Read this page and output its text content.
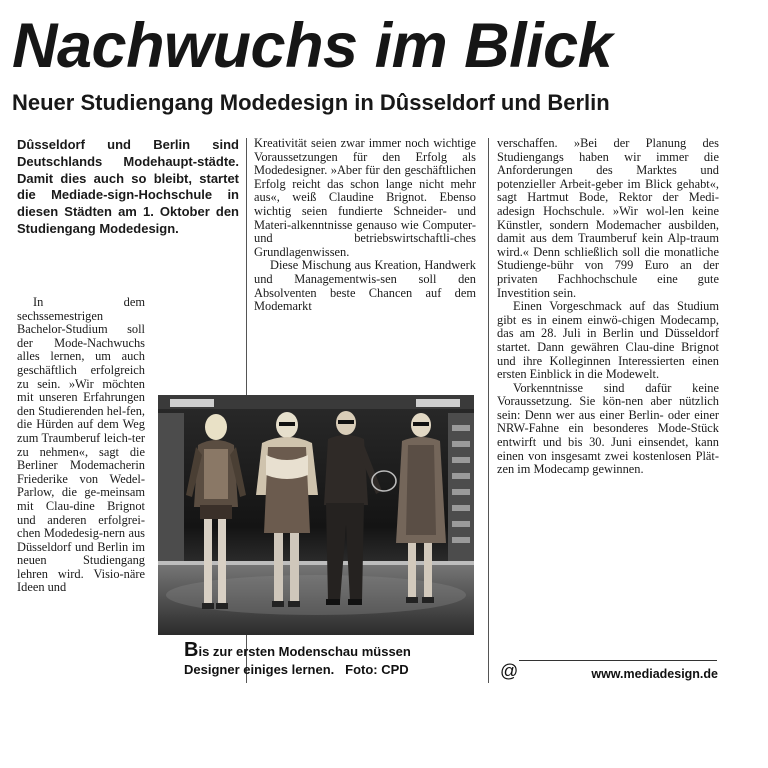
Nachwuchs im Blick
Neuer Studiengang Modedesign in Dûsseldorf und Berlin

Dûsseldorf und Berlin sind Deutschlands Modehaupt-städte. Damit dies auch so bleibt, startet die Mediade-sign-Hochschule in diesen Städten am 1. Oktober den Studiengang Modedesign.

In dem sechssemestrigen Bachelor-Studium soll der Mode-Nachwuchs alles lernen, um auch geschäftlich erfolgreich zu sein. »Wir möchten mit unseren Erfahrungen den Studierenden hel-fen, die Hürden auf dem Weg zum Traumberuf leich-ter zu nehmen«, sagt die Berliner Modemacherin Friederike von Wedel-Parlow, die ge-meinsam mit Clau-dine Brignot und anderen erfolgrei-chen Modedesig-nern aus Düsseldorf und Berlin im neuen Studiengang lehren wird. Visio-näre Ideen und

Kreativität seien zwar immer noch wichtige Voraussetzungen für den Erfolg als Modedesigner. »Aber für den geschäftlichen Erfolg reicht das schon lange nicht mehr aus«, weiß Claudine Brignot. Ebenso wichtig seien fundierte Schneider- und Materi-alkenntnisse genauso wie Computer- und betriebswirtschaftli-ches Grundlagenwissen.

Diese Mischung aus Kreation, Handwerk und Managementwis-sen soll den Absolventen beste Chancen auf dem Modemarkt

verschaffen. »Bei der Planung des Studiengangs haben wir immer die Anforderungen des Marktes und potenzieller Arbeit-geber im Blick gehabt«, sagt Hartmut Bode, Rektor der Medi-adesign Hochschule. »Wir wol-len keine Künstler, sondern Modemacher ausbilden, damit aus dem Traumberuf kein Alp-traum wird.« Denn schließlich soll die monatliche Studienge-bühr von 799 Euro an der privaten Fachhochschule eine gute Investition sein.

Einen Vorgeschmack auf das Studium gibt es in einem einwö-chigen Modecamp, das am 28. Juli in Berlin und Düsseldorf startet. Dann gewähren Clau-dine Brignot und ihre Kolleginnen Interessierten einen ersten Einblick in die Modewelt.

Vorkenntnisse sind dafür keine Voraussetzung. Sie kön-nen aber nützlich sein: Denn wer aus einer Berlin- oder einer NRW-Fahne ein besonderes Mode-Stück entwirft und bis 30. Juni einsendet, kann einen von insgesamt zwei kostenlosen Plät-zen im Modecamp gewinnen.

Bis zur ersten Modenschau müssen Designer einiges lernen. Foto: CPD	@	www.mediadesign.de
